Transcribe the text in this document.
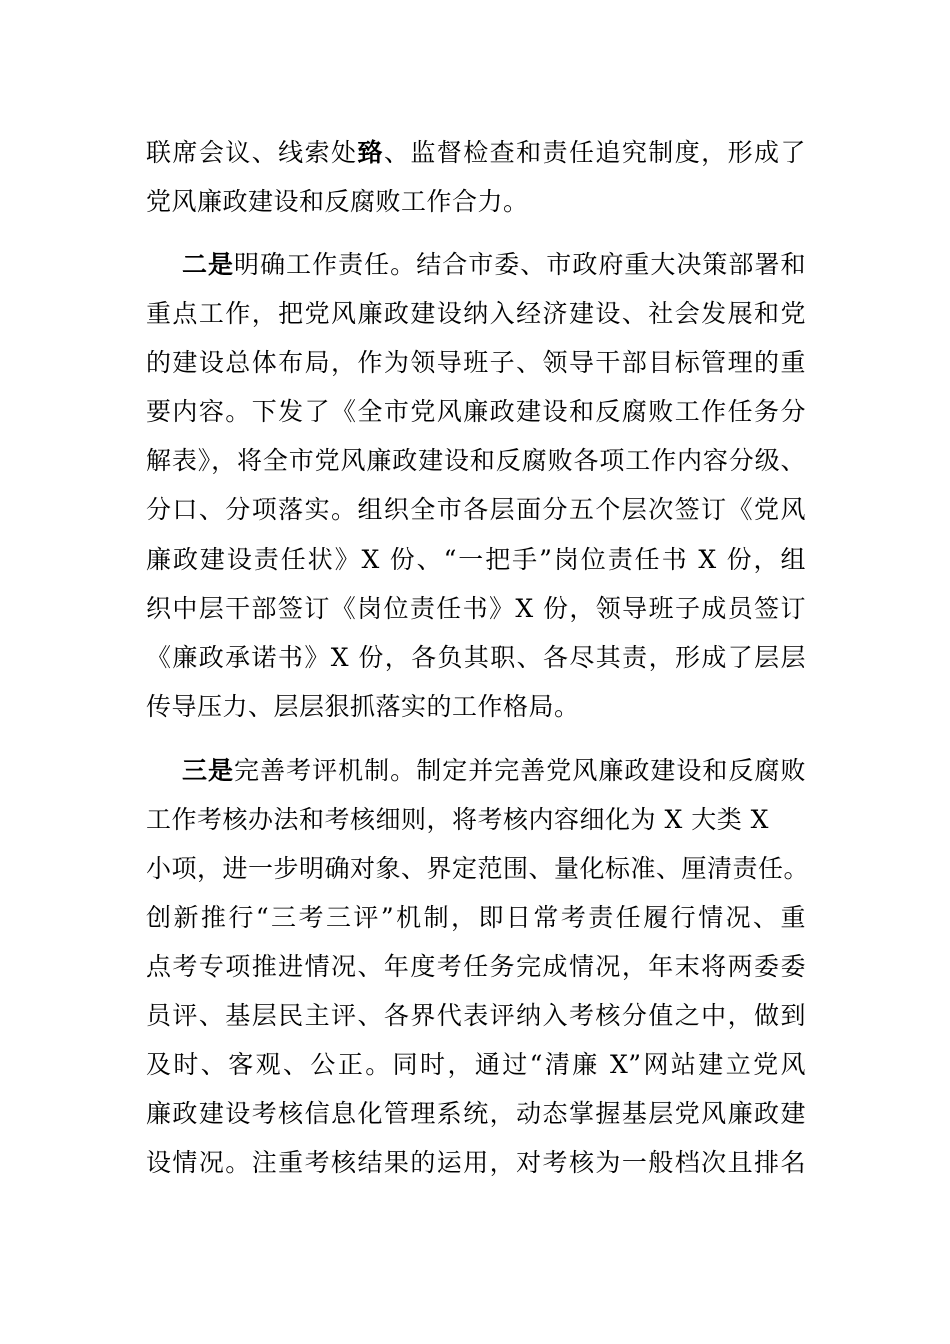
联席会议、线索处臵、监督检查和责任追究制度，形成了
党风廉政建设和反腐败工作合力。
二是明确工作责任。结合市委、市政府重大决策部署和
重点工作，把党风廉政建设纳入经济建设、社会发展和党
的建设总体布局，作为领导班子、领导干部目标管理的重
要内容。下发了《全市党风廉政建设和反腐败工作任务分
解表》，将全市党风廉政建设和反腐败各项工作内容分级、
分口、分项落实。组织全市各层面分五个层次签订《党风
廉政建设责任状》X 份、“一把手”岗位责任书 X 份，组
织中层干部签订《岗位责任书》X 份，领导班子成员签订
《廉政承诺书》X 份，各负其职、各尽其责，形成了层层
传导压力、层层狠抓落实的工作格局。
三是完善考评机制。制定并完善党风廉政建设和反腐败
工作考核办法和考核细则，将考核内容细化为 X 大类 X
小项，进一步明确对象、界定范围、量化标准、厘清责任。
创新推行“三考三评”机制，即日常考责任履行情况、重
点考专项推进情况、年度考任务完成情况，年末将两委委
员评、基层民主评、各界代表评纳入考核分值之中，做到
及时、客观、公正。同时，通过“清廉 X”网站建立党风
廉政建设考核信息化管理系统，动态掌握基层党风廉政建
设情况。注重考核结果的运用，对考核为一般档次且排名
